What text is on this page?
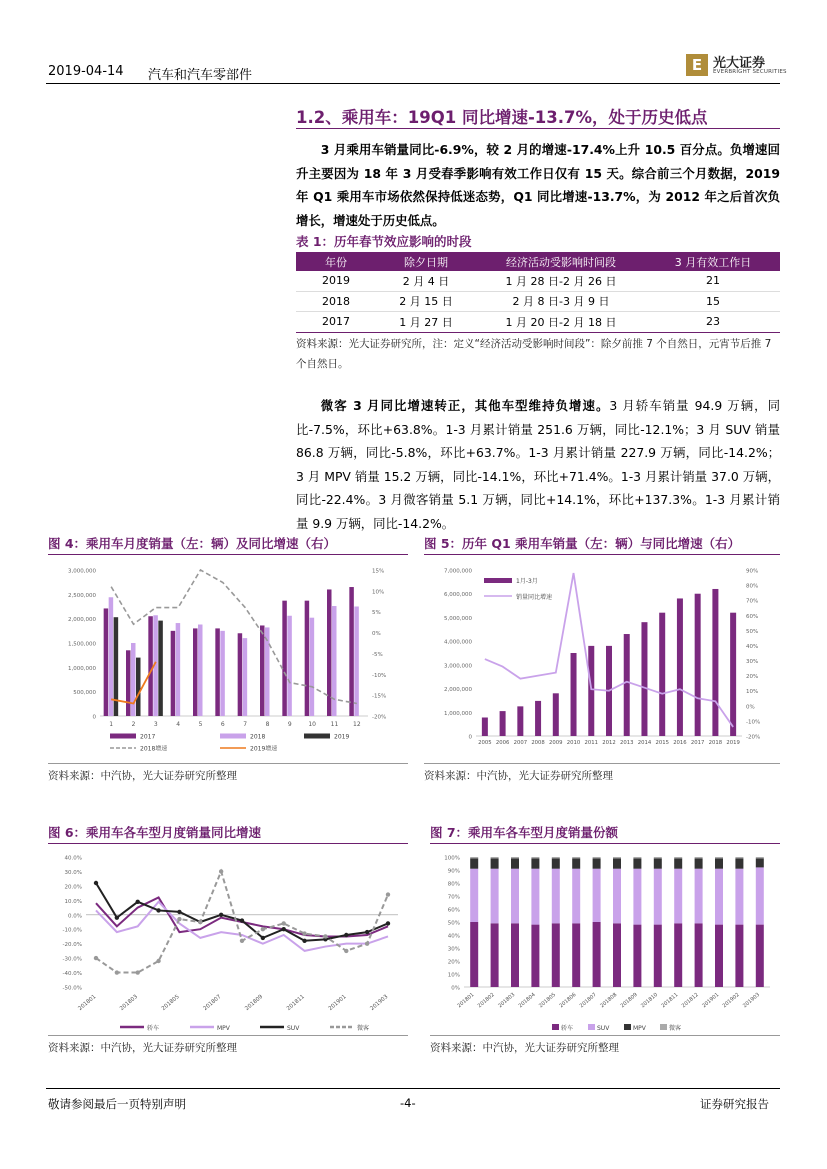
2019-04-14 汽车和汽车零部件
E 光大证券
EVERBRIGHT SECURITIES
1.2、乘用车：19Q1 同比增速-13.7%，处于历史低点
3 月乘用车销量同比-6.9%，较 2 月的增速-17.4%上升 10.5 百分点。负增速回升主要因为 18 年 3 月受春季影响有效工作日仅有 15 天。综合前三个月数据，2019 年 Q1 乘用车市场依然保持低迷态势，Q1 同比增速-13.7%，为 2012 年之后首次负增长，增速处于历史低点。
表 1：历年春节效应影响的时段
年份	除夕日期	经济活动受影响时间段	3 月有效工作日
2019	2 月 4 日	1 月 28 日-2 月 26 日	21
2018	2 月 15 日	2 月 8 日-3 月 9 日	15
2017	1 月 27 日	1 月 20 日-2 月 18 日	23
资料来源：光大证券研究所，注：定义“经济活动受影响时间段”：除夕前推 7 个自然日，元宵节后推 7 个自然日。
微客 3 月同比增速转正，其他车型维持负增速。3 月轿车销量 94.9 万辆，同比-7.5%，环比+63.8%。1-3 月累计销量 251.6 万辆，同比-12.1%；3 月 SUV 销量 86.8 万辆，同比-5.8%，环比+63.7%。1-3 月累计销量 227.9 万辆，同比-14.2%；3 月 MPV 销量 15.2 万辆，同比-14.1%，环比+71.4%。1-3 月累计销量 37.0 万辆，同比-22.4%。3 月微客销量 5.1 万辆，同比+14.1%，环比+137.3%。1-3 月累计销量 9.9 万辆，同比-14.2%。
图 4：乘用车月度销量（左：辆）及同比增速（右）	图 5：历年 Q1 乘用车销量（左：辆）与同比增速（右）
资料来源：中汽协，光大证券研究所整理	资料来源：中汽协，光大证券研究所整理
图 6：乘用车各车型月度销量同比增速	图 7：乘用车各车型月度销量份额
资料来源：中汽协，光大证券研究所整理	资料来源：中汽协，光大证券研究所整理
0
500,000
1,000,000
1,500,000
2,000,000
2,500,000
3,000,000	15%
10%
5%
0%
-5%
-10%
-15%
-20%
1	2	3	4	5	6	7	8	9	10 11 12
2017	2018	2019
2018增速	2019增速
0
1,000,000
2,000,000
3,000,000
4,000,000
5,000,000
6,000,000
7,000,000	90%
80%
70%
60%
50%
40%
30%
20%
10%
0%
-10%
-20%
2005 2006 2007 2008 2009 2010 2011 2012 2013 2014 2015 2016 2017 2018 2019
1月-3月
销量同比增速
40.0%
30.0%
20.0%
10.0%
0.0%
-10.0%
-20.0%
-30.0%
-40.0%
-50.0%
201801	201803	201805	201807	201809	201811	201901	201903
轿车	MPV	SUV	微客
100%
90%
80%
70%
60%
50%
40%
30%
20%
10%
0%
201801 201802 201803 201804 201805 201806 201807 201808 201809 201810 201811 201812 201901 201902 201903
轿车	SUV	MPV	微客
敬请参阅最后一页特别声明	-4-	证券研究报告
